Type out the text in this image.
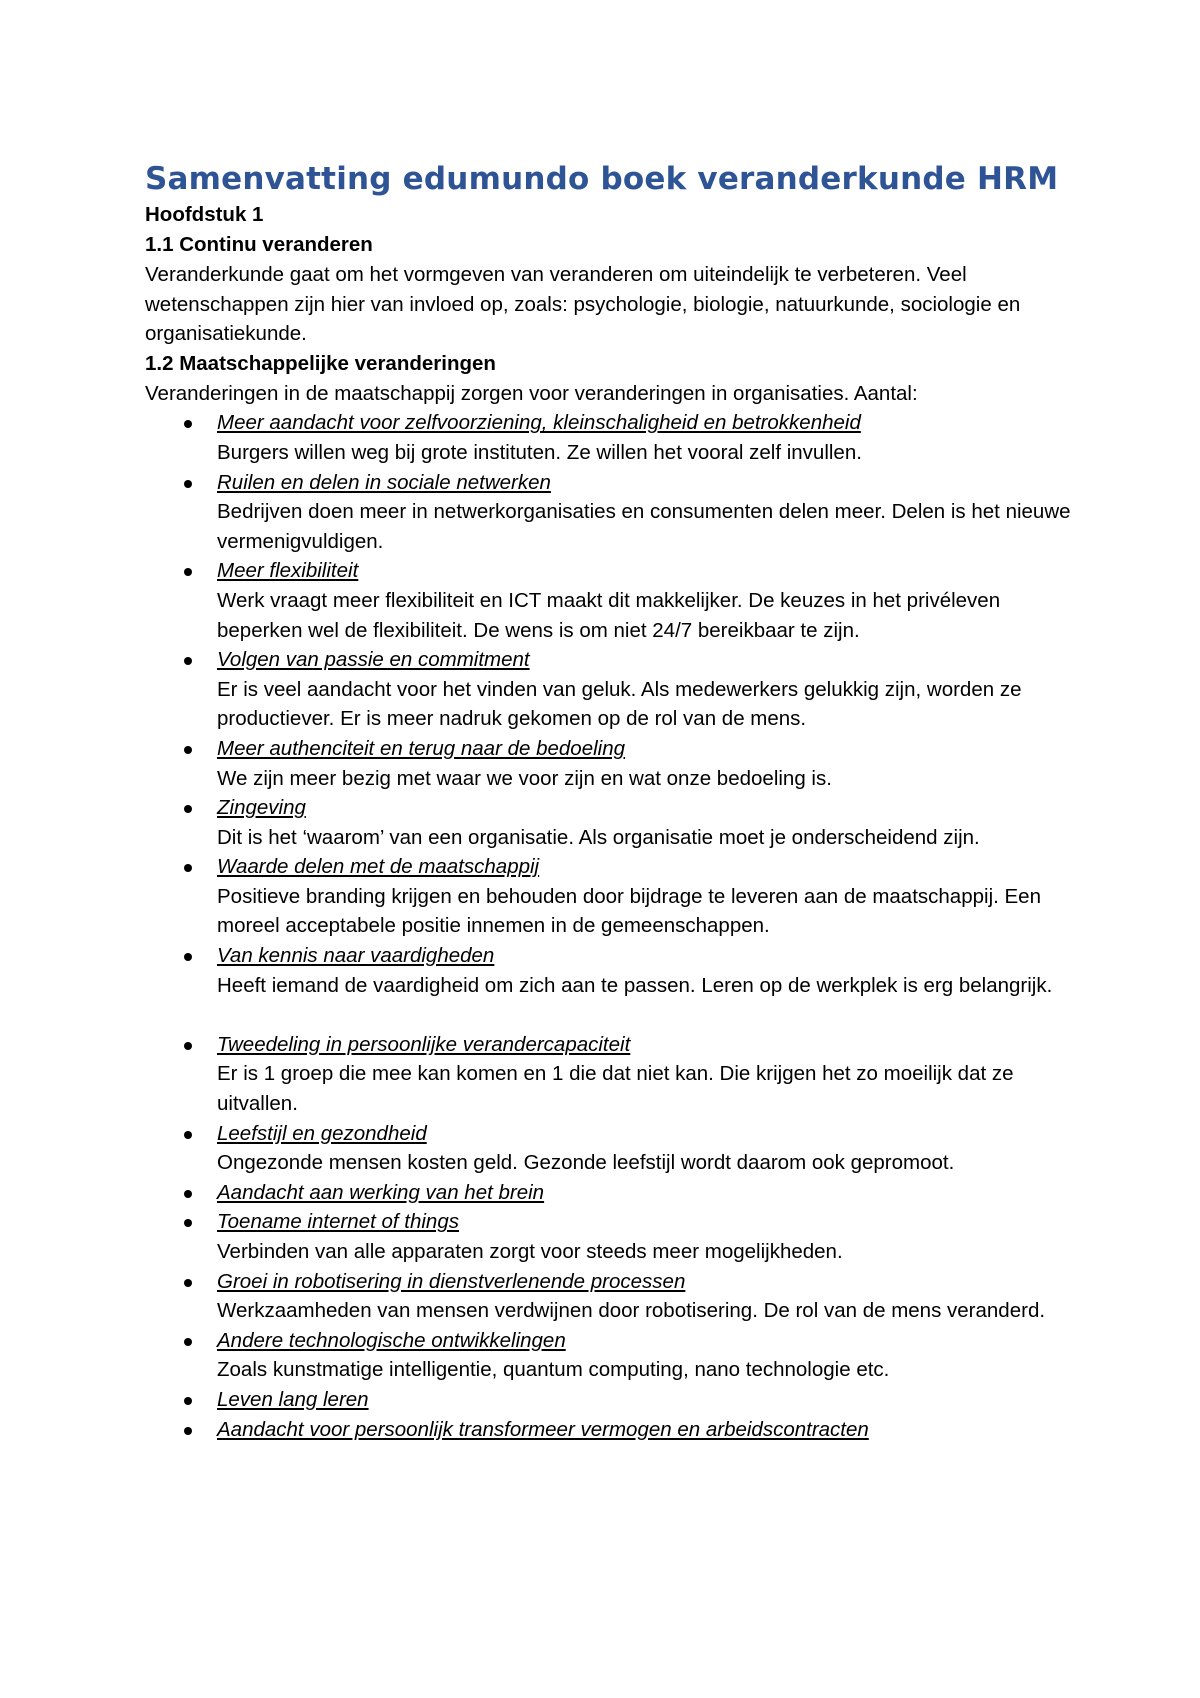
Samenvatting edumundo boek veranderkunde HRM

Hoofdstuk 1

1.1 Continu veranderen

Veranderkunde gaat om het vormgeven van veranderen om uiteindelijk te verbeteren. Veel wetenschappen zijn hier van invloed op, zoals: psychologie, biologie, natuurkunde, sociologie en organisatiekunde.

1.2 Maatschappelijke veranderingen

Veranderingen in de maatschappij zorgen voor veranderingen in organisaties. Aantal:

Meer aandacht voor zelfvoorziening, kleinschaligheid en betrokkenheid
Burgers willen weg bij grote instituten. Ze willen het vooral zelf invullen.
Ruilen en delen in sociale netwerken
Bedrijven doen meer in netwerkorganisaties en consumenten delen meer. Delen is het nieuwe vermenigvuldigen.
Meer flexibiliteit
Werk vraagt meer flexibiliteit en ICT maakt dit makkelijker. De keuzes in het privéleven beperken wel de flexibiliteit. De wens is om niet 24/7 bereikbaar te zijn.
Volgen van passie en commitment
Er is veel aandacht voor het vinden van geluk. Als medewerkers gelukkig zijn, worden ze productiever. Er is meer nadruk gekomen op de rol van de mens.
Meer authenciteit en terug naar de bedoeling
We zijn meer bezig met waar we voor zijn en wat onze bedoeling is.
Zingeving
Dit is het ‘waarom’ van een organisatie. Als organisatie moet je onderscheidend zijn.
Waarde delen met de maatschappij
Positieve branding krijgen en behouden door bijdrage te leveren aan de maatschappij. Een moreel acceptabele positie innemen in de gemeenschappen.
Van kennis naar vaardigheden
Heeft iemand de vaardigheid om zich aan te passen. Leren op de werkplek is erg belangrijk.
Tweedeling in persoonlijke verandercapaciteit
Er is 1 groep die mee kan komen en 1 die dat niet kan. Die krijgen het zo moeilijk dat ze uitvallen.
Leefstijl en gezondheid
Ongezonde mensen kosten geld. Gezonde leefstijl wordt daarom ook gepromoot.
Aandacht aan werking van het brein
Toename internet of things
Verbinden van alle apparaten zorgt voor steeds meer mogelijkheden.
Groei in robotisering in dienstverlenende processen
Werkzaamheden van mensen verdwijnen door robotisering. De rol van de mens veranderd.
Andere technologische ontwikkelingen
Zoals kunstmatige intelligentie, quantum computing, nano technologie etc.
Leven lang leren
Aandacht voor persoonlijk transformeer vermogen en arbeidscontracten
